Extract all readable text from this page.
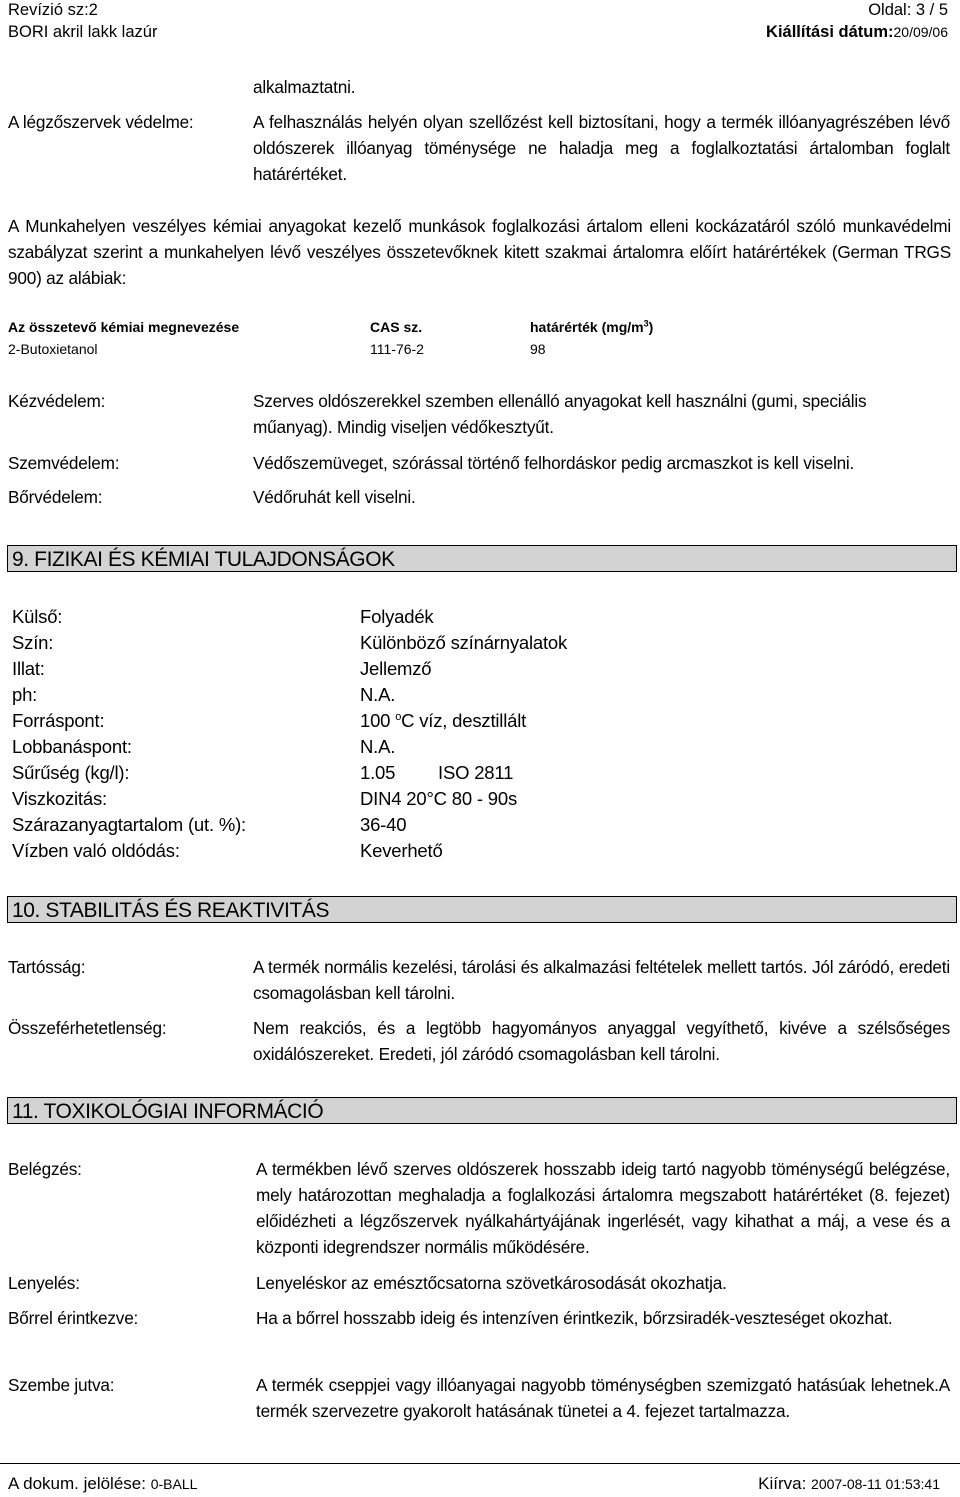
Revízió sz:2	Oldal: 3 / 5
BORI akril lakk lazúr	Kiállítási dátum:20/09/06
alkalmaztatni.
A légzőszervek védelme:	A felhasználás helyén olyan szellőzést kell biztosítani, hogy a termék illóanyagrészében lévő oldószerek illóanyag töménysége ne haladja meg a foglalkoztatási ártalomban foglalt határértéket.
A Munkahelyen veszélyes kémiai anyagokat kezelő munkások foglalkozási ártalom elleni kockázatáról szóló munkavédelmi szabályzat szerint a munkahelyen lévő veszélyes összetevőknek kitett szakmai ártalomra előírt határértékek (German TRGS 900) az alábiak:
Az összetevő kémiai megnevezése	CAS sz.	határérték $(mg/m^3)$
2-Butoxietanol	111-76-2	98
Kézvédelem:	Szerves oldószerekkel szemben ellenálló anyagokat kell használni (gumi, speciális műanyag). Mindig viseljen védőkesztyűt.
Szemvédelem:	Védőszemüveget, szórással történő felhordáskor pedig arcmaszkot is kell viselni.
Bőrvédelem:	Védőruhát kell viselni.
9. FIZIKAI ÉS KÉMIAI TULAJDONSÁGOK
Külső:	Folyadék
Szín:	Különböző színárnyalatok
Illat:	Jellemző
ph:	N.A.
Forráspont:	100 $^o$C víz, desztillált
Lobbanáspont:	N.A.
Sűrűség (kg/l):	1.05 ISO 2811
Viszkozitás:	DIN4 20°C 80 - 90s
Szárazanyagtartalom (ut. %):	36-40
Vízben való oldódás:	Keverhető
10. STABILITÁS ÉS REAKTIVITÁS
Tartósság:	A termék normális kezelési, tárolási és alkalmazási feltételek mellett tartós. Jól záródó, eredeti csomagolásban kell tárolni.
Összeférhetetlenség:	Nem reakciós, és a legtöbb hagyományos anyaggal vegyíthető, kivéve a szélsőséges oxidálószereket. Eredeti, jól záródó csomagolásban kell tárolni.
11. TOXIKOLÓGIAI INFORMÁCIÓ
Belégzés:	A termékben lévő szerves oldószerek hosszabb ideig tartó nagyobb töménységű belégzése, mely határozottan meghaladja a foglalkozási ártalomra megszabott határértéket (8. fejezet) előidézheti a légzőszervek nyálkahártyájának ingerlését, vagy kihathat a máj, a vese és a központi idegrendszer normális működésére.
Lenyelés:	Lenyeléskor az emésztőcsatorna szövetkárosodását okozhatja.
Bőrrel érintkezve:	Ha a bőrrel hosszabb ideig és intenzíven érintkezik, bőrzsiradék-veszteséget okozhat.
Szembe jutva:	A termék cseppjei vagy illóanyagai nagyobb töménységben szemizgató hatásúak lehetnek.A termék szervezetre gyakorolt hatásának tünetei a 4. fejezet tartalmazza.
A dokum. jelölése: 0-BALL	Kiírva: 2007-08-11 01:53:41
